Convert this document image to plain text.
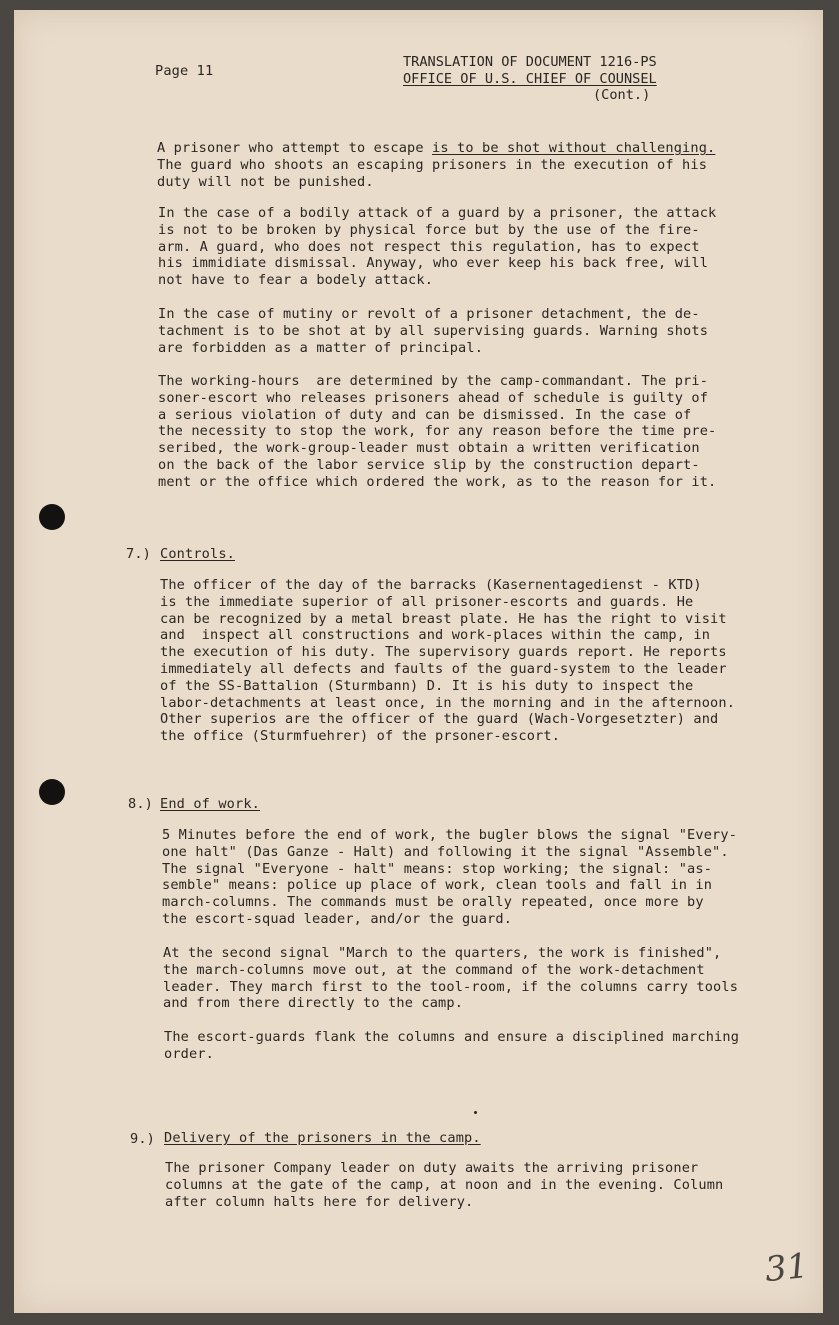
Page 11
TRANSLATION OF DOCUMENT 1216-PS
OFFICE OF U.S. CHIEF OF COUNSEL
(Cont.)
A prisoner who attempt to escape is to be shot without challenging.
The guard who shoots an escaping prisoners in the execution of his
duty will not be punished.
In the case of a bodily attack of a guard by a prisoner, the attack
is not to be broken by physical force but by the use of the fire-
arm. A guard, who does not respect this regulation, has to expect
his immidiate dismissal. Anyway, who ever keep his back free, will
not have to fear a bodely attack.
In the case of mutiny or revolt of a prisoner detachment, the de-
tachment is to be shot at by all supervising guards. Warning shots
are forbidden as a matter of principal.
The working-hours  are determined by the camp-commandant. The pri-
soner-escort who releases prisoners ahead of schedule is guilty of
a serious violation of duty and can be dismissed. In the case of
the necessity to stop the work, for any reason before the time pre-
seribed, the work-group-leader must obtain a written verification
on the back of the labor service slip by the construction depart-
ment or the office which ordered the work, as to the reason for it.
7.) Controls.
The officer of the day of the barracks (Kasernentagedienst - KTD)
is the immediate superior of all prisoner-escorts and guards. He
can be recognized by a metal breast plate. He has the right to visit
and  inspect all constructions and work-places within the camp, in
the execution of his duty. The supervisory guards report. He reports
immediately all defects and faults of the guard-system to the leader
of the SS-Battalion (Sturmbann) D. It is his duty to inspect the
labor-detachments at least once, in the morning and in the afternoon.
Other superios are the officer of the guard (Wach-Vorgesetzter) and
the office (Sturmfuehrer) of the prsoner-escort.
8.) End of work.
5 Minutes before the end of work, the bugler blows the signal "Every-
one halt" (Das Ganze - Halt) and following it the signal "Assemble".
The signal "Everyone - halt" means: stop working; the signal: "as-
semble" means: police up place of work, clean tools and fall in in
march-columns. The commands must be orally repeated, once more by
the escort-squad leader, and/or the guard.
At the second signal "March to the quarters, the work is finished",
the march-columns move out, at the command of the work-detachment
leader. They march first to the tool-room, if the columns carry tools
and from there directly to the camp.
The escort-guards flank the columns and ensure a disciplined marching
order.
9.) Delivery of the prisoners in the camp.
The prisoner Company leader on duty awaits the arriving prisoner
columns at the gate of the camp, at noon and in the evening. Column
after column halts here for delivery.
31
